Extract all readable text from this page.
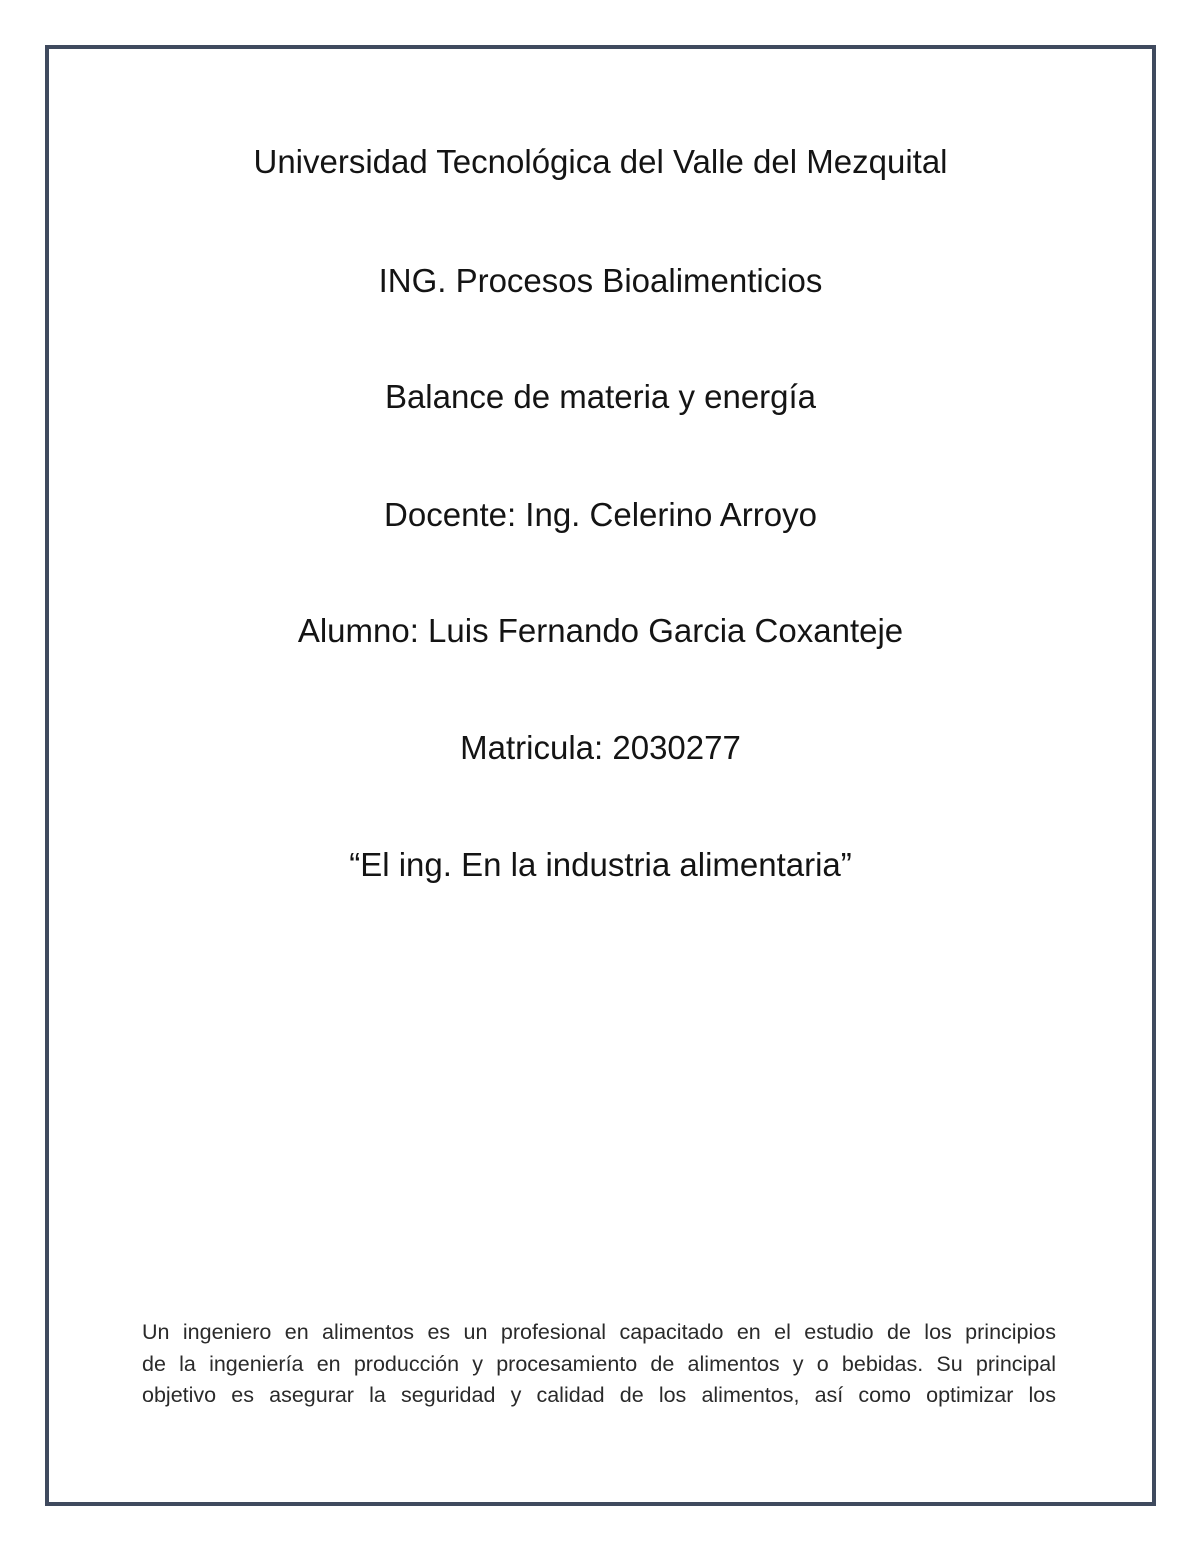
Universidad Tecnológica del Valle del Mezquital
ING. Procesos Bioalimenticios
Balance de materia y energía
Docente: Ing. Celerino Arroyo
Alumno: Luis Fernando Garcia Coxanteje
Matricula: 2030277
“El ing. En la industria alimentaria”
Un ingeniero en alimentos es un profesional capacitado en el estudio de los principios
de la ingeniería en producción y procesamiento de alimentos y o bebidas. Su principal
objetivo es asegurar la seguridad y calidad de los alimentos, así como optimizar los
